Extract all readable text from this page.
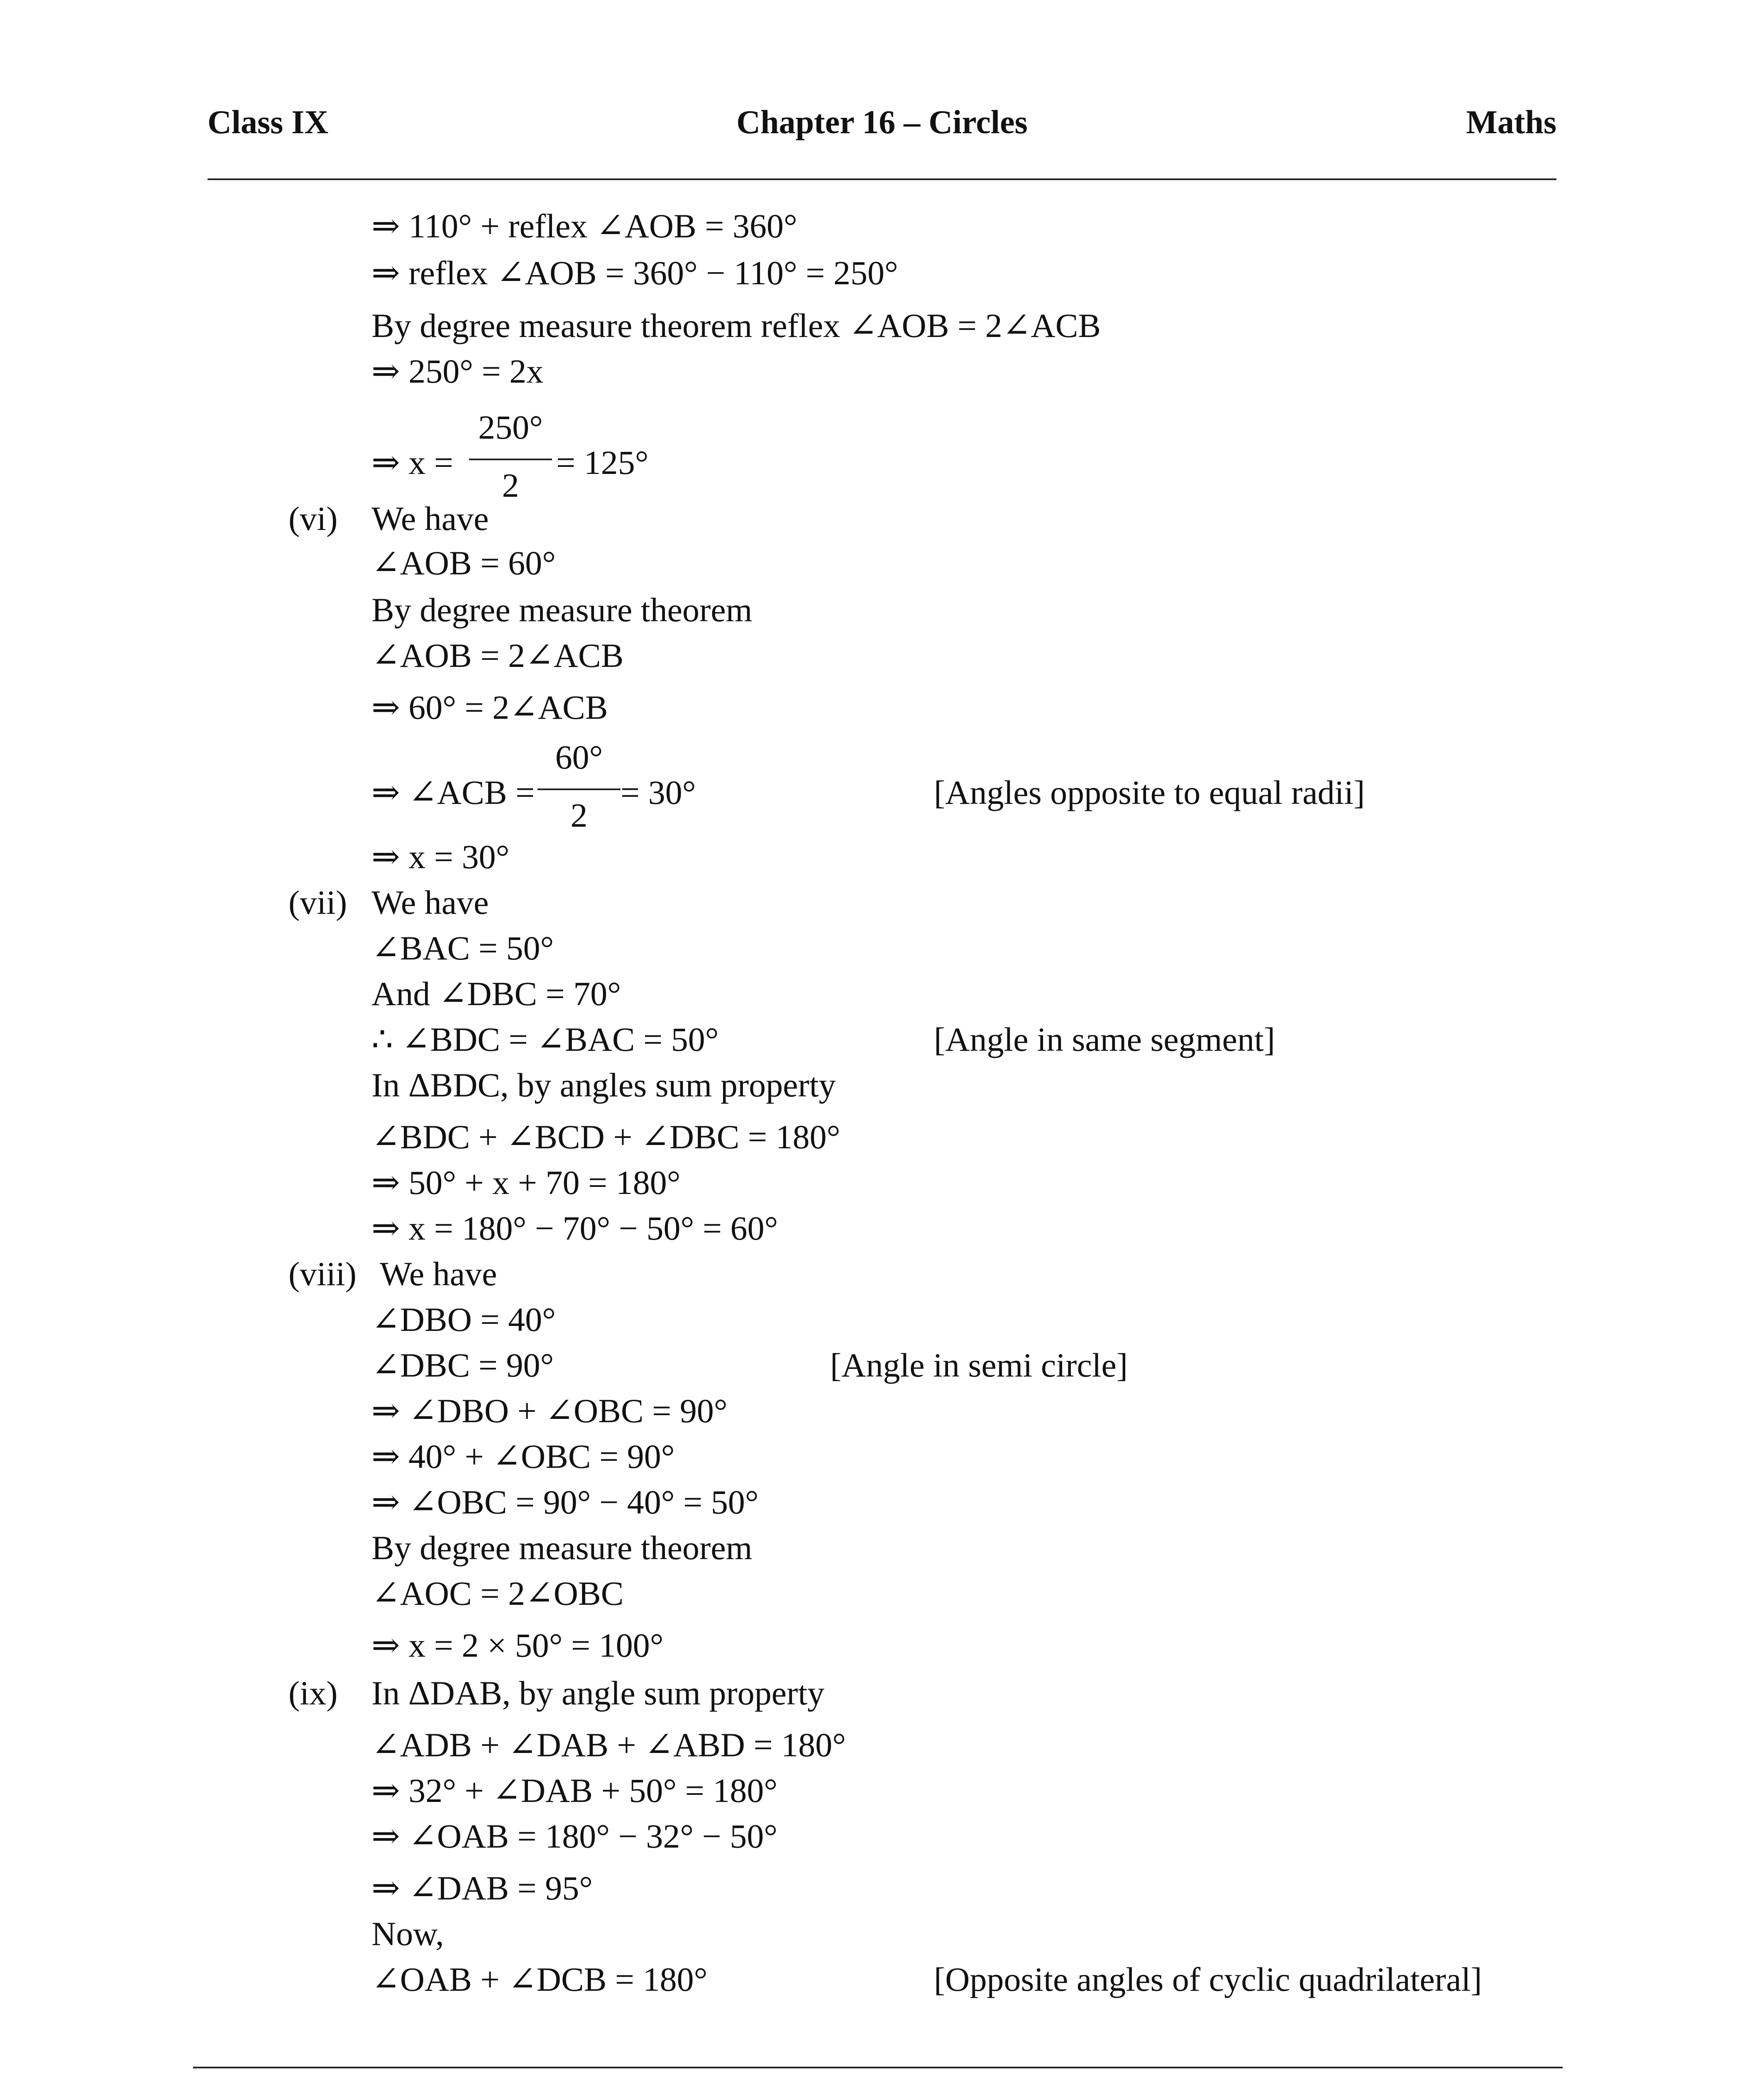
Class IX	Chapter 16 – Circles	Maths
⇒ 110° + reflex ∠AOB = 360°
⇒ reflex ∠AOB = 360° − 110° = 250°
By degree measure theorem reflex ∠AOB = 2∠ACB
⇒ 250° = 2x
⇒ x =
250°
2
= 125°
(vi) We have
∠AOB = 60°
By degree measure theorem
∠AOB = 2∠ACB
⇒ 60° = 2∠ACB
⇒ ∠ACB =
60°
2
= 30°	[Angles opposite to equal radii]
⇒ x = 30°
(vii) We have
∠BAC = 50°
And ∠DBC = 70°
∴ ∠BDC = ∠BAC = 50°	[Angle in same segment]
In ΔBDC, by angles sum property
∠BDC + ∠BCD + ∠DBC = 180°
⇒ 50° + x + 70 = 180°
⇒ x = 180° − 70° − 50° = 60°
(viii) We have
∠DBO = 40°
∠DBC = 90°	[Angle in semi circle]
⇒ ∠DBO + ∠OBC = 90°
⇒ 40° + ∠OBC = 90°
⇒ ∠OBC = 90° − 40° = 50°
By degree measure theorem
∠AOC = 2∠OBC
⇒ x = 2 × 50° = 100°
(ix) In ΔDAB, by angle sum property
∠ADB + ∠DAB + ∠ABD = 180°
⇒ 32° + ∠DAB + 50° = 180°
⇒ ∠OAB = 180° − 32° − 50°
⇒ ∠DAB = 95°
Now,
∠OAB + ∠DCB = 180°	[Opposite angles of cyclic quadrilateral]
